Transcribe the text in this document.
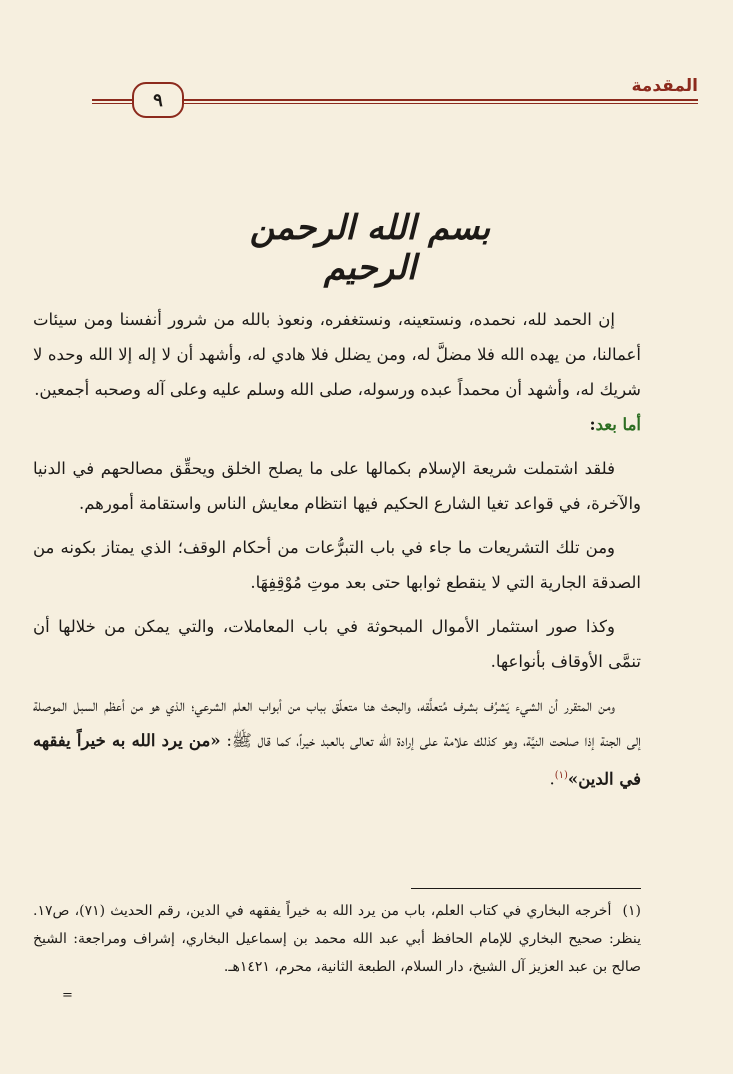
المقدمة
٩
بسم الله الرحمن الرحيم

إن الحمد لله، نحمده، ونستعينه، ونستغفره، ونعوذ بالله من شرور أنفسنا ومن سيئات أعمالنا، من يهده الله فلا مضلَّ له، ومن يضلل فلا هادي له، وأشهد أن لا إله إلا الله وحده لا شريك له، وأشهد أن محمداً عبده ورسوله، صلى الله وسلم عليه وعلى آله وصحبه أجمعين.

أما بعد:

فلقد اشتملت شريعة الإسلام بكمالها على ما يصلح الخلق ويحقِّق مصالحهم في الدنيا والآخرة، في قواعد تغيا الشارع الحكيم فيها انتظام معايش الناس واستقامة أمورهم.

ومن تلك التشريعات ما جاء في باب التبرُّعات من أحكام الوقف؛ الذي يمتاز بكونه من الصدقة الجارية التي لا ينقطع ثوابها حتى بعد موتِ مُوْقِفِهَا.

وكذا صور استثمار الأموال المبحوثة في باب المعاملات، والتي يمكن من خلالها أن تنمَّى الأوقاف بأنواعها.

ومن المتقرر أن الشيء يَشرُف بشرف مُتعلَّقه، والبحث هنا متعلّق بباب من أبواب العلم الشرعي؛ الذي هو من أعظم السبل الموصلة إلى الجنة إذا صلحت النيَّة، وهو كذلك علامة على إرادة الله تعالى بالعبد خيراً، كما قال ﷺ: «من يرد الله به خيراً يفقهه في الدين»$^{(١)}$.

(١) أخرجه البخاري في كتاب العلم، باب من يرد الله به خيراً يفقهه في الدين، رقم الحديث (٧١)، ص١٧. ينظر: صحيح البخاري للإمام الحافظ أبي عبد الله محمد بن إسماعيل البخاري، إشراف ومراجعة: الشيخ صالح بن عبد العزيز آل الشيخ، دار السلام، الطبعة الثانية، محرم، ١٤٢١هـ.
=
